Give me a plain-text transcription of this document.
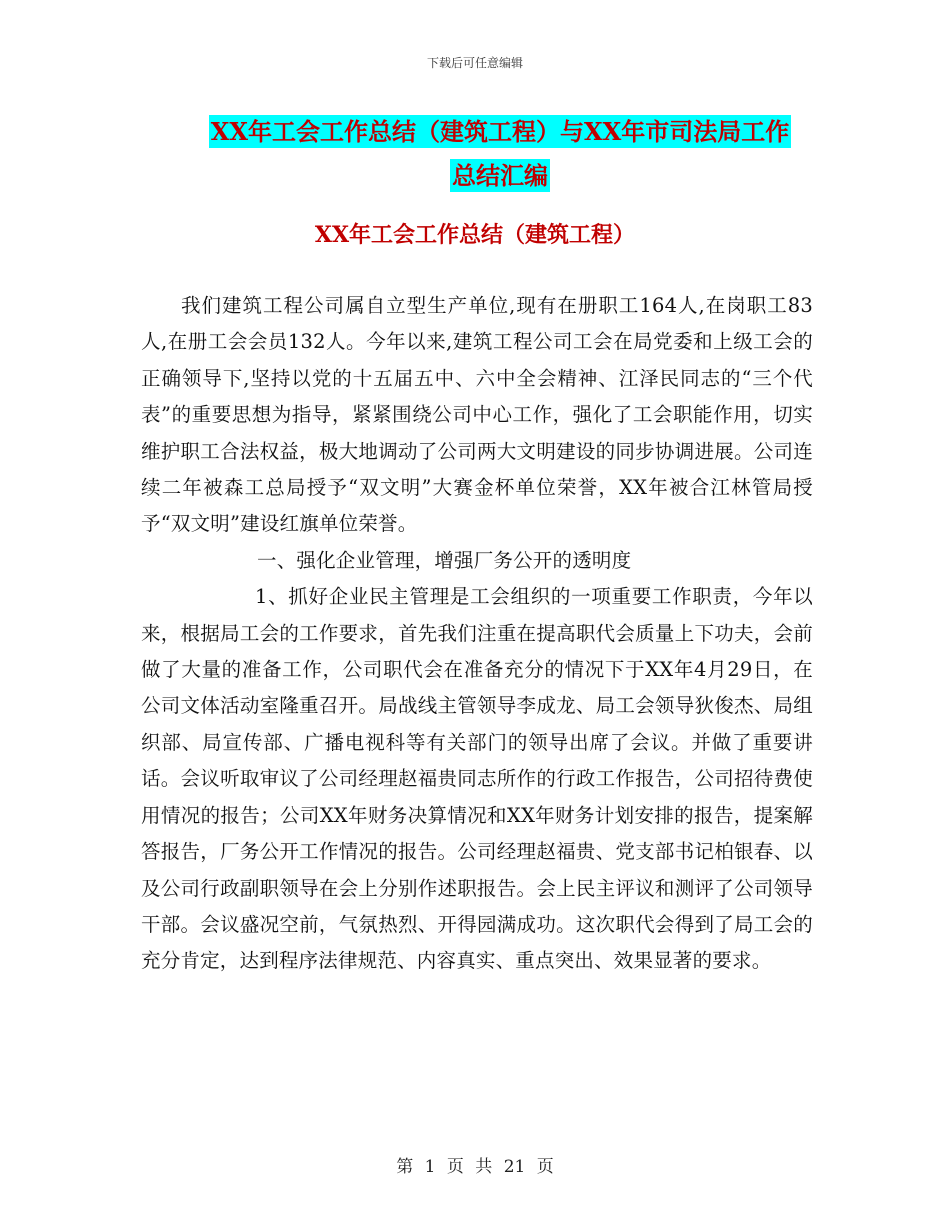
下载后可任意编辑
XX年工会工作总结（建筑工程）与XX年市司法局工作
总结汇编
XX年工会工作总结（建筑工程）

我们建筑工程公司属自立型生产单位,现有在册职工164人,在岗职工83人,在册工会会员132人。今年以来,建筑工程公司工会在局党委和上级工会的正确领导下,坚持以党的十五届五中、六中全会精神、江泽民同志的“三个代表”的重要思想为指导，紧紧围绕公司中心工作，强化了工会职能作用，切实维护职工合法权益，极大地调动了公司两大文明建设的同步协调进展。公司连续二年被森工总局授予“双文明”大赛金杯单位荣誉，XX年被合江林管局授予“双文明”建设红旗单位荣誉。

一、强化企业管理，增强厂务公开的透明度

1、抓好企业民主管理是工会组织的一项重要工作职责，今年以来，根据局工会的工作要求，首先我们注重在提高职代会质量上下功夫，会前做了大量的准备工作，公司职代会在准备充分的情况下于XX年4月29日，在公司文体活动室隆重召开。局战线主管领导李成龙、局工会领导狄俊杰、局组织部、局宣传部、广播电视科等有关部门的领导出席了会议。并做了重要讲话。会议听取审议了公司经理赵福贵同志所作的行政工作报告，公司招待费使用情况的报告；公司XX年财务决算情况和XX年财务计划安排的报告，提案解答报告，厂务公开工作情况的报告。公司经理赵福贵、党支部书记柏银春、以及公司行政副职领导在会上分别作述职报告。会上民主评议和测评了公司领导干部。会议盛况空前，气氛热烈、开得园满成功。这次职代会得到了局工会的充分肯定，达到程序法律规范、内容真实、重点突出、效果显著的要求。

第 1 页 共 21 页
